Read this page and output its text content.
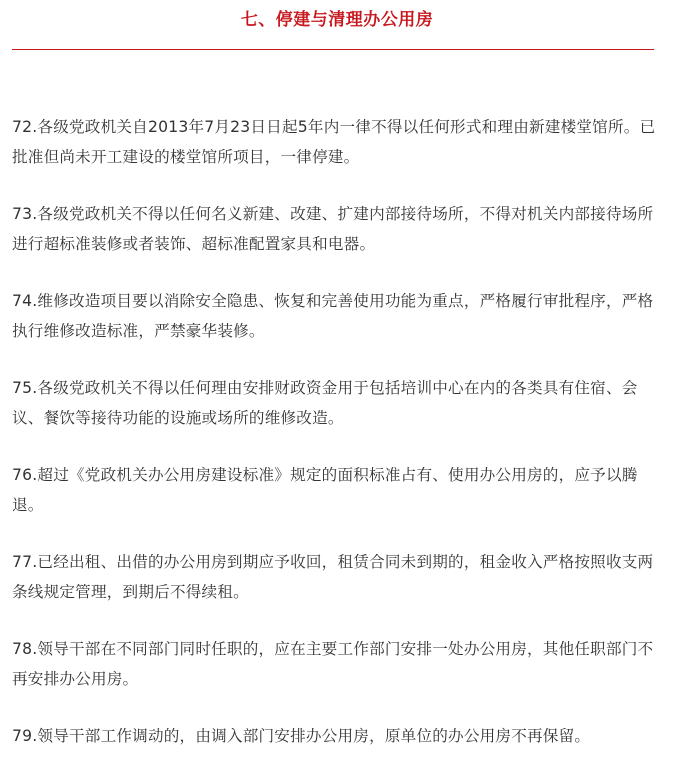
七、停建与清理办公用房
72.各级党政机关自2013年7月23日日起5年内一律不得以任何形式和理由新建楼堂馆所。已批准但尚未开工建设的楼堂馆所项目，一律停建。
73.各级党政机关不得以任何名义新建、改建、扩建内部接待场所，不得对机关内部接待场所进行超标准装修或者装饰、超标准配置家具和电器。
74.维修改造项目要以消除安全隐患、恢复和完善使用功能为重点，严格履行审批程序，严格执行维修改造标准，严禁豪华装修。
75.各级党政机关不得以任何理由安排财政资金用于包括培训中心在内的各类具有住宿、会议、餐饮等接待功能的设施或场所的维修改造。
76.超过《党政机关办公用房建设标准》规定的面积标准占有、使用办公用房的，应予以腾退。
77.已经出租、出借的办公用房到期应予收回，租赁合同未到期的，租金收入严格按照收支两条线规定管理，到期后不得续租。
78.领导干部在不同部门同时任职的，应在主要工作部门安排一处办公用房，其他任职部门不再安排办公用房。
79.领导干部工作调动的，由调入部门安排办公用房，原单位的办公用房不再保留。
